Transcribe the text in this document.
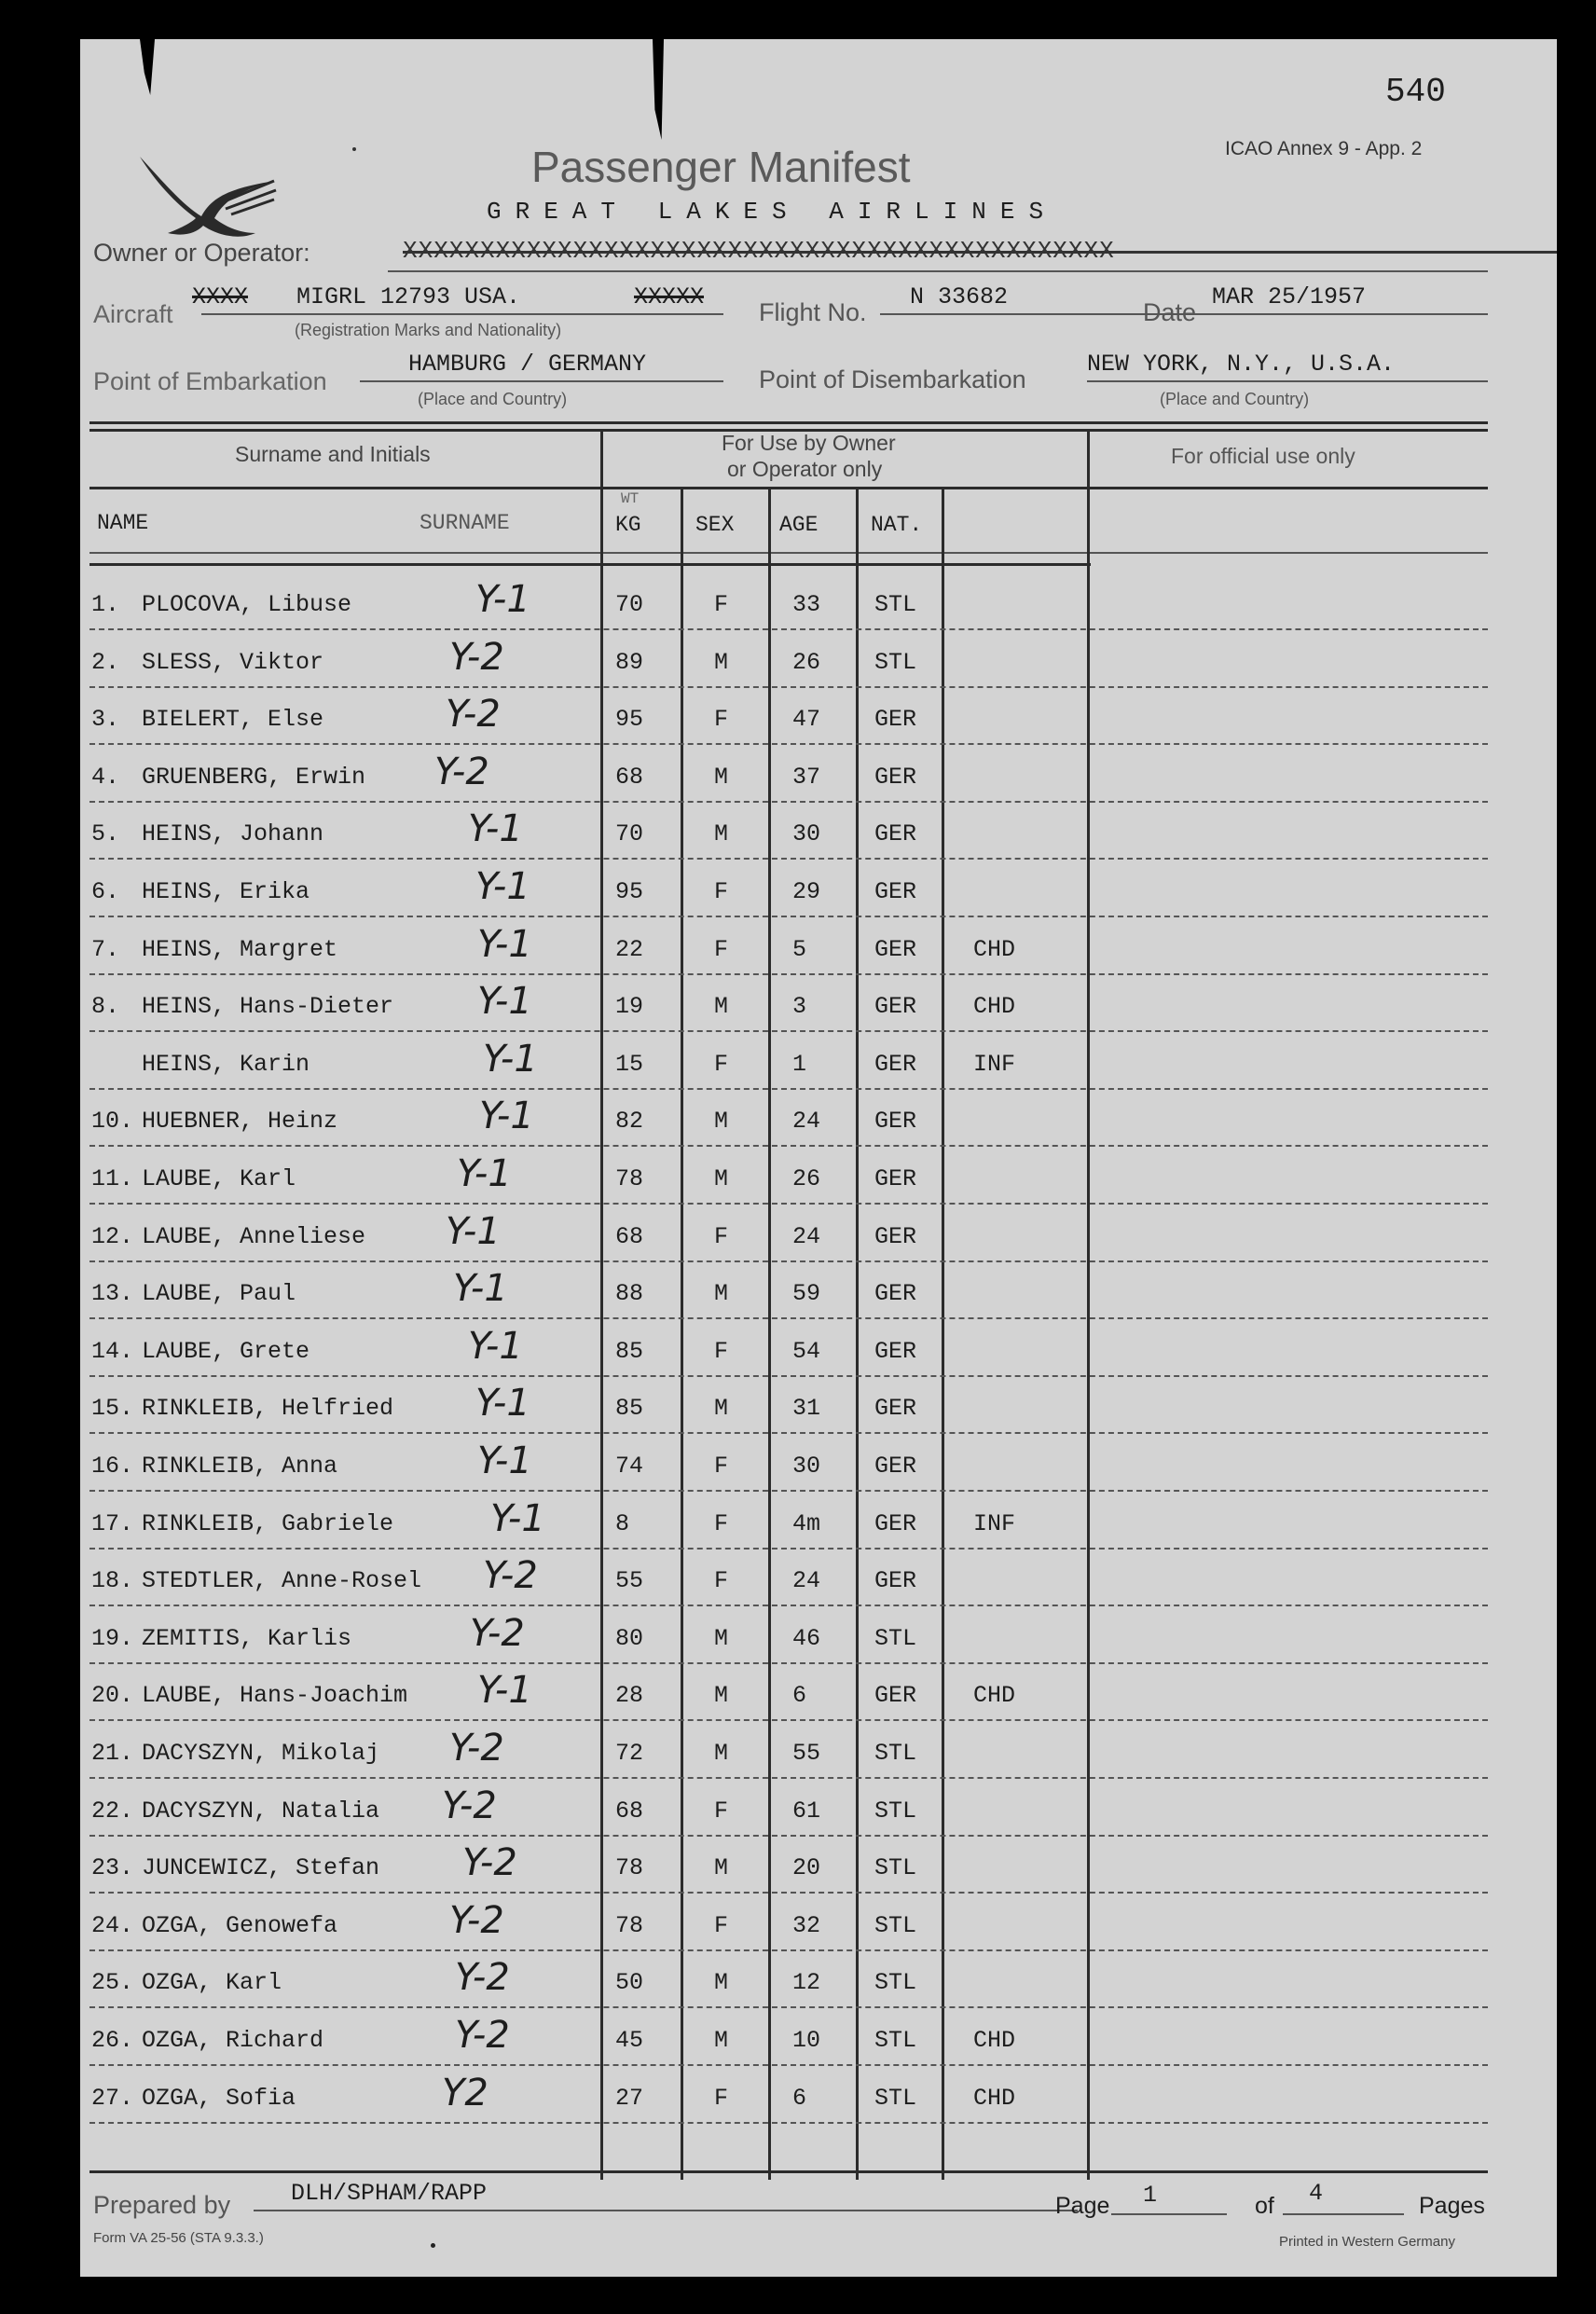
540
ICAO Annex 9 - App. 2
Passenger Manifest
GREAT LAKES AIRLINES
Owner or Operator:	XXXXXXXXXXXXXXXXXXXXXXXXXXXXXXXXXXXXXXXXXXXXXX
Aircraft
XXXX MIGRL 12793 USA.	XXXXX
(Registration Marks and Nationality)
Flight No.
N 33682
Date
MAR 25/1957
Point of Embarkation
HAMBURG / GERMANY
(Place and Country)
Point of Disembarkation
NEW YORK, N.Y., U.S.A.
(Place and Country)
Surname and Initials	For Use by Owner
or Operator only
For official use only
NAME	SURNAME
WT
KG	SEX AGE NAT.
1. PLOCOVA, Libuse	Y-1	70	F	33 STL
2. SLESS, Viktor	Y-2	89	M	26 STL
3. BIELERT, Else	Y-2	95	F	47 GER
4. GRUENBERG, Erwin Y-2	68	M	37 GER
5. HEINS, Johann	Y-1	70	M	30 GER
6. HEINS, Erika	Y-1	95	F	29 GER
7. HEINS, Margret	Y-1	22	F	5	GER CHD
8. HEINS, Hans-Dieter Y-1	19	M	3	GER CHD
HEINS, Karin	Y-1	15	F	1	GER INF
10. HUEBNER, Heinz	Y-1	82	M	24 GER
11. LAUBE, Karl	Y-1	78	M	26 GER
12. LAUBE, Anneliese Y-1	68	F	24 GER
13. LAUBE, Paul	Y-1	88	M	59 GER
14. LAUBE, Grete	Y-1	85	F	54 GER
15. RINKLEIB, Helfried Y-1	85	M	31 GER
16. RINKLEIB, Anna	Y-1	74	F	30 GER
17. RINKLEIB, Gabriele	Y-1	8	F	4m GER INF
18. STEDTLER, Anne-Rosel Y-2	55	F	24 GER
19. ZEMITIS, Karlis	Y-2	80	M	46 STL
20. LAUBE, Hans-Joachim Y-1	28	M	6	GER CHD
21. DACYSZYN, Mikolaj Y-2	72	M	55 STL
22. DACYSZYN, Natalia Y-2	68	F	61 STL
23. JUNCEWICZ, Stefan Y-2	78	M	20 STL
24. OZGA, Genowefa	Y-2	78	F	32 STL
25. OZGA, Karl	Y-2	50	M	12 STL
26. OZGA, Richard	Y-2	45	M	10 STL CHD
27. OZGA, Sofia	Y2	27	F	6	STL CHD
Prepared by	DLH/SPHAM/RAPP	Page 1	of 4	Pages
Form VA 25-56 (STA 9.3.3.)	Printed in Western Germany
